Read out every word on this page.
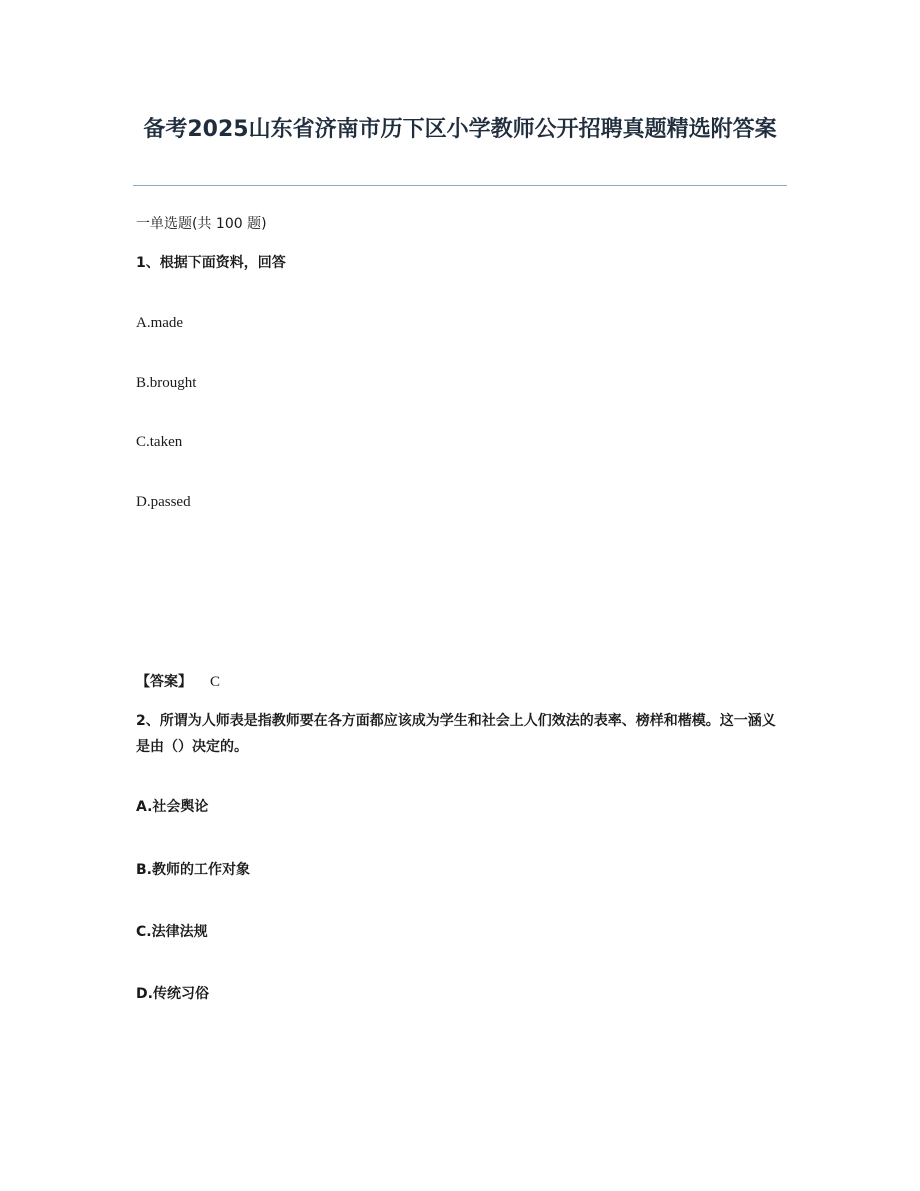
备考2025山东省济南市历下区小学教师公开招聘真题精选附答案
一单选题(共 100 题)
1、根据下面资料，回答
A.made
B.brought
C.taken
D.passed
【答案】 C
2、所谓为人师表是指教师要在各方面都应该成为学生和社会上人们效法的表率、榜样和楷模。这一涵义是由（）决定的。
A.社会舆论
B.教师的工作对象
C.法律法规
D.传统习俗
